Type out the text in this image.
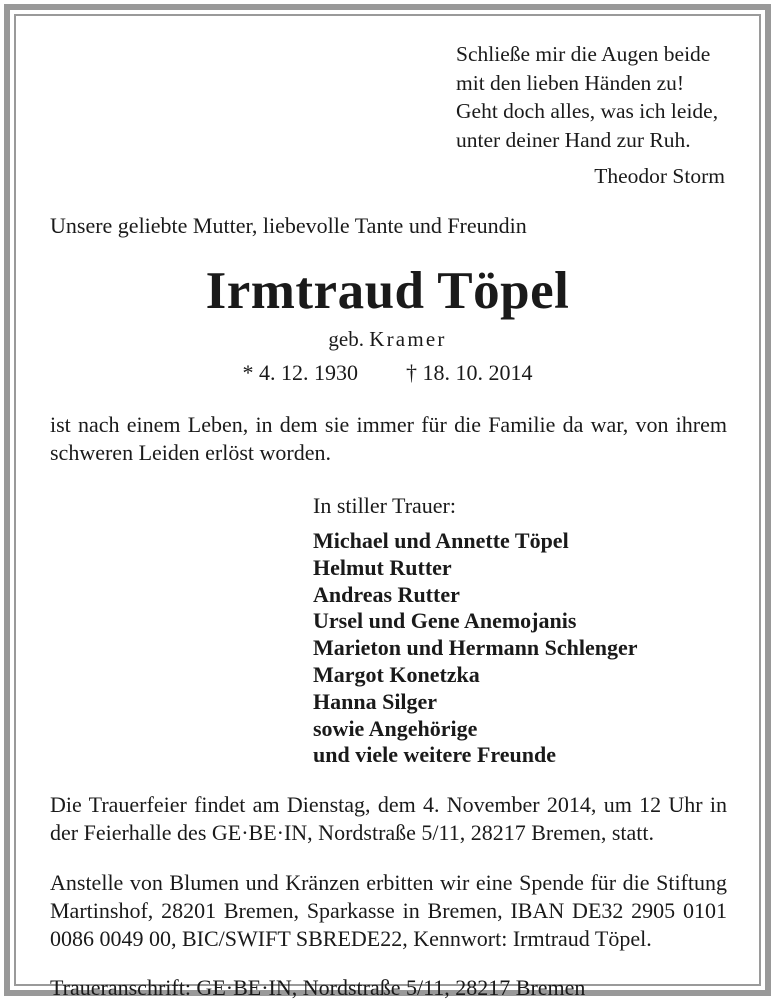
Schließe mir die Augen beide
mit den lieben Händen zu!
Geht doch alles, was ich leide,
unter deiner Hand zur Ruh.
Theodor Storm
Unsere geliebte Mutter, liebevolle Tante und Freundin
Irmtraud Töpel
geb. Kramer
* 4. 12. 1930 † 18. 10. 2014
ist nach einem Leben, in dem sie immer für die Familie da war, von ihrem schweren Leiden erlöst worden.
In stiller Trauer:
Michael und Annette Töpel
Helmut Rutter
Andreas Rutter
Ursel und Gene Anemojanis
Marieton und Hermann Schlenger
Margot Konetzka
Hanna Silger
sowie Angehörige
und viele weitere Freunde
Die Trauerfeier findet am Dienstag, dem 4. November 2014, um 12 Uhr in der Feierhalle des GE·BE·IN, Nordstraße 5/11, 28217 Bremen, statt.
Anstelle von Blumen und Kränzen erbitten wir eine Spende für die Stiftung Martinshof, 28201 Bremen, Sparkasse in Bremen, IBAN DE32 2905 0101 0086 0049 00, BIC/SWIFT SBREDE22, Kennwort: Irmtraud Töpel.
Traueranschrift: GE·BE·IN, Nordstraße 5/11, 28217 Bremen
